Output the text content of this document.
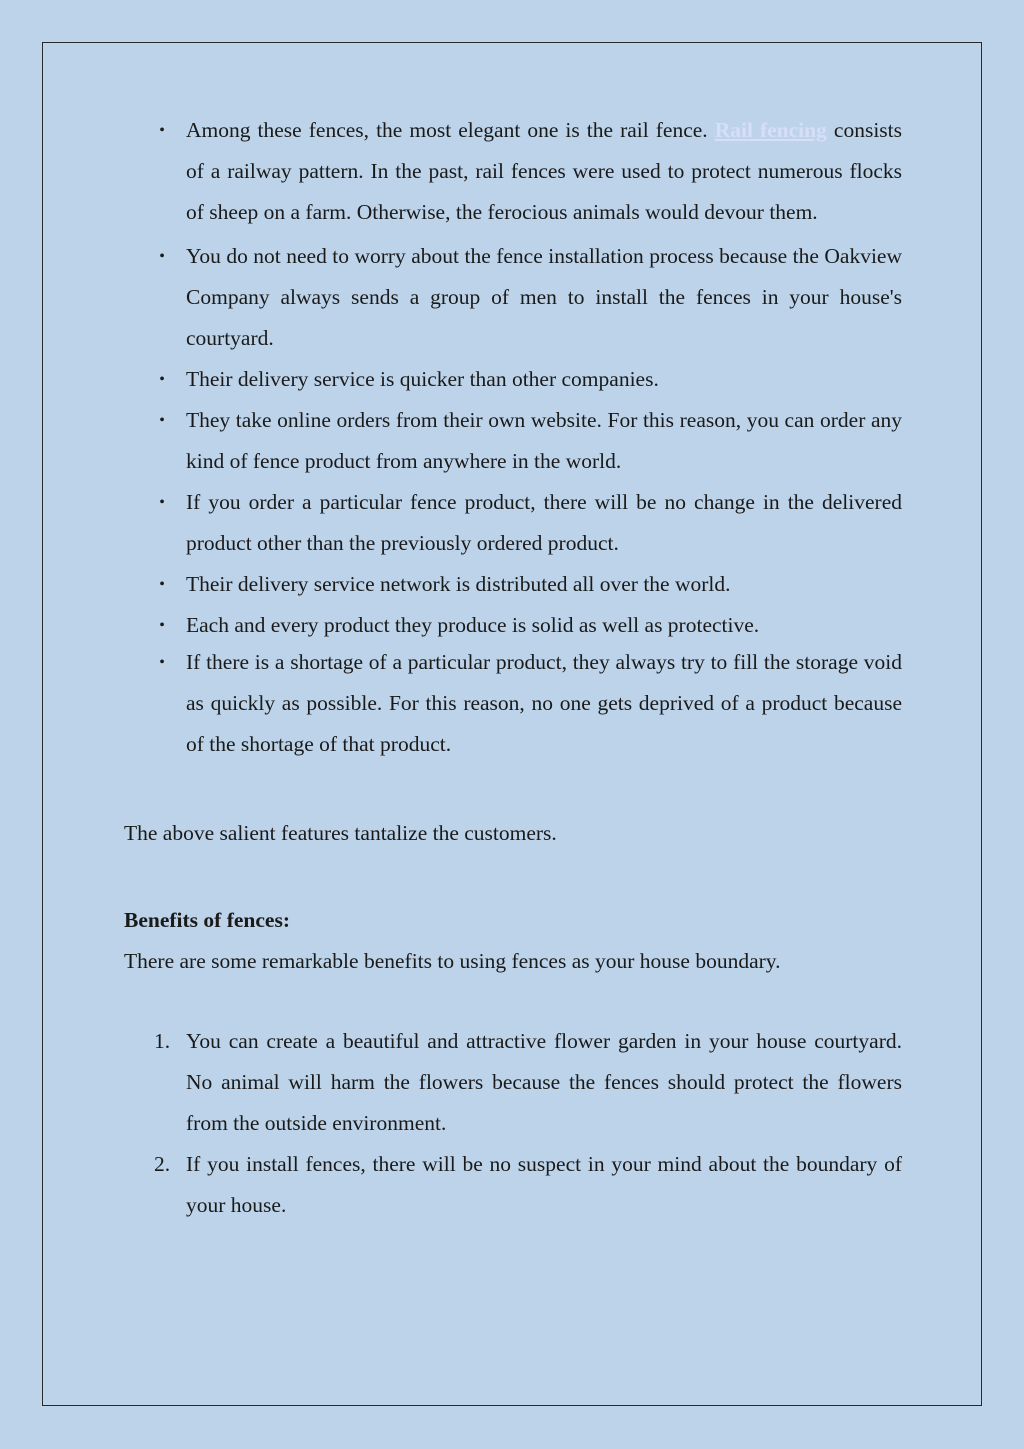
• Among these fences, the most elegant one is the rail fence. Rail fencing consists of a railway pattern. In the past, rail fences were used to protect numerous flocks of sheep on a farm. Otherwise, the ferocious animals would devour them.
• You do not need to worry about the fence installation process because the Oakview Company always sends a group of men to install the fences in your house's courtyard.
• Their delivery service is quicker than other companies.
• They take online orders from their own website. For this reason, you can order any kind of fence product from anywhere in the world.
• If you order a particular fence product, there will be no change in the delivered product other than the previously ordered product.
• Their delivery service network is distributed all over the world.
• Each and every product they produce is solid as well as protective.
• If there is a shortage of a particular product, they always try to fill the storage void as quickly as possible. For this reason, no one gets deprived of a product because of the shortage of that product.

The above salient features tantalize the customers.

Benefits of fences:

There are some remarkable benefits to using fences as your house boundary.

1. You can create a beautiful and attractive flower garden in your house courtyard. No animal will harm the flowers because the fences should protect the flowers from the outside environment.
2. If you install fences, there will be no suspect in your mind about the boundary of your house.
